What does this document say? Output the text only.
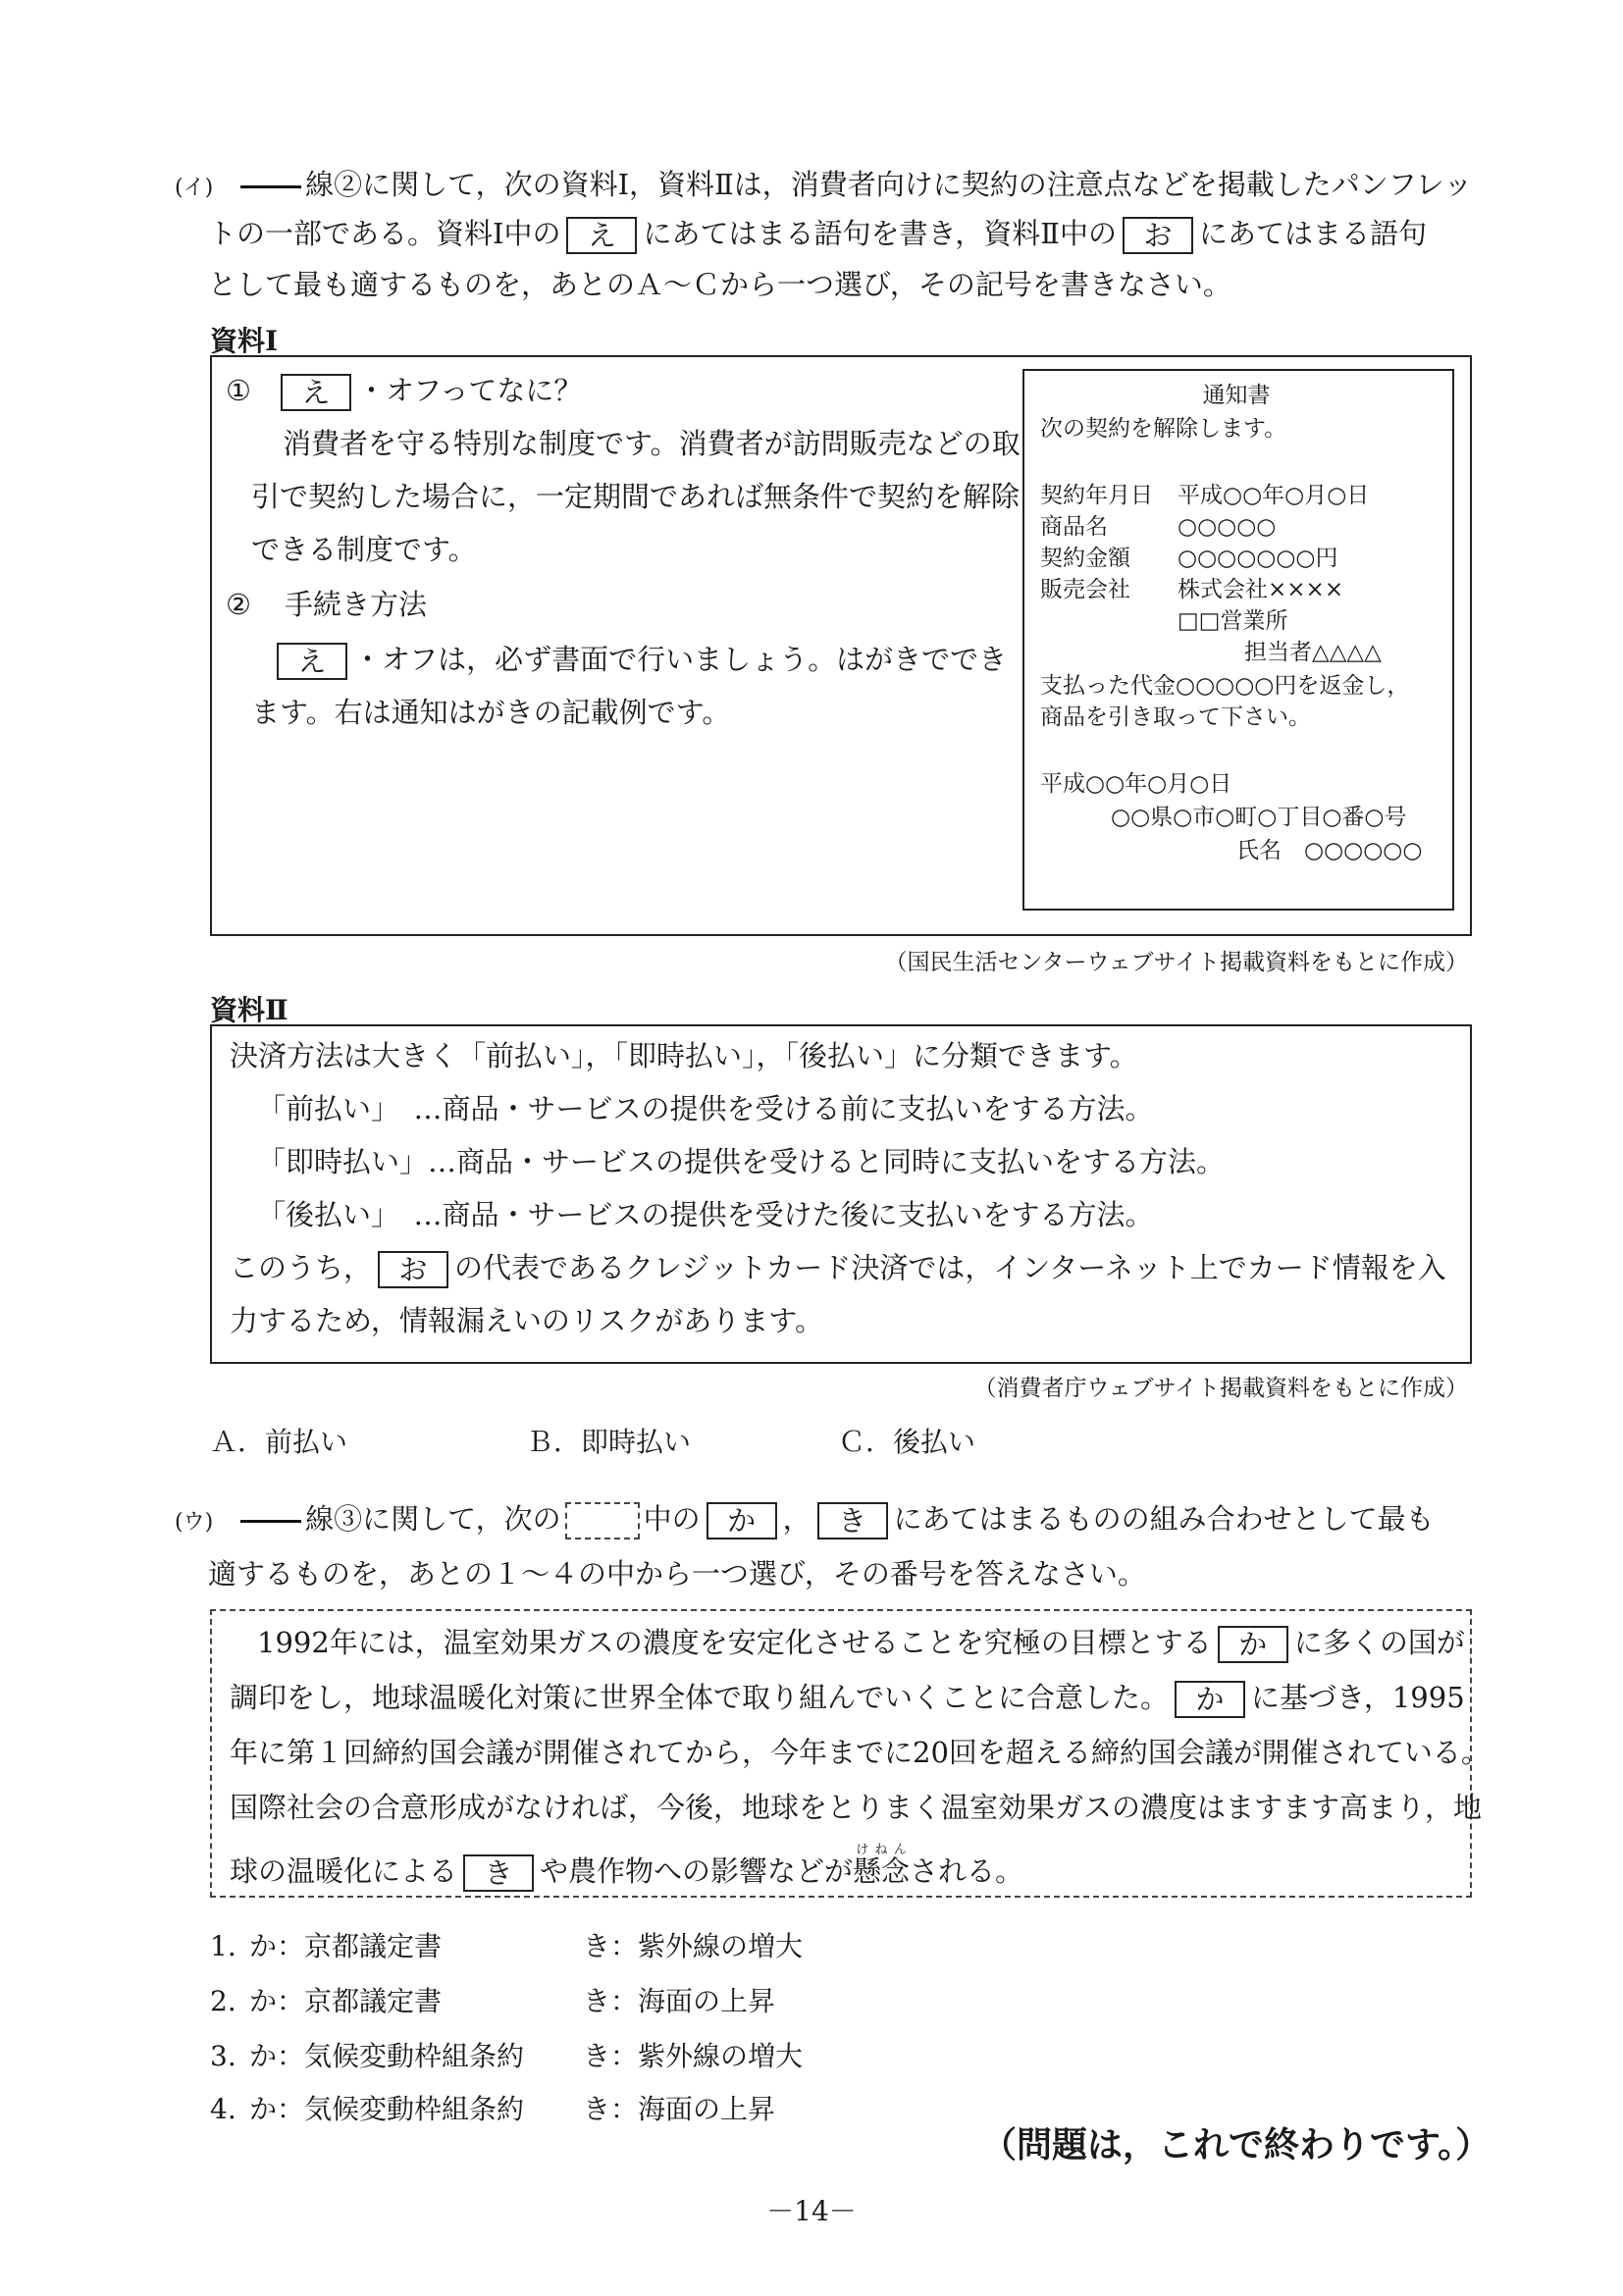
(イ)	線②に関して，次の資料Ⅰ，資料Ⅱは，消費者向けに契約の注意点などを掲載したパンフレッ
トの一部である。資料Ⅰ中の え にあてはまる語句を書き，資料Ⅱ中の お にあてはまる語句
として最も適するものを，あとのＡ～Ｃから一つ選び，その記号を書きなさい。
資料Ⅰ
① え ・オフってなに？
消費者を守る特別な制度です。消費者が訪問販売などの取
引で契約した場合に，一定期間であれば無条件で契約を解除
できる制度です。
② 手続き方法
え ・オフは，必ず書面で行いましょう。はがきででき
ます。右は通知はがきの記載例です。
通知書
次の契約を解除します。
契約年月日 平成○○年○月○日
商品名	○○○○○
契約金額 ○○○○○○○円
販売会社 株式会社××××
□□営業所
担当者△△△△
支払った代金○○○○○円を返金し，
商品を引き取って下さい。
平成○○年○月○日
○○県○市○町○丁目○番○号
氏名　○○○○○○
（国民生活センターウェブサイト掲載資料をもとに作成）
資料Ⅱ
決済方法は大きく「前払い」，「即時払い」，「後払い」に分類できます。
「前払い」　…商品・サービスの提供を受ける前に支払いをする方法。
「即時払い」…商品・サービスの提供を受けると同時に支払いをする方法。
「後払い」　…商品・サービスの提供を受けた後に支払いをする方法。
このうち， お の代表であるクレジットカード決済では，インターネット上でカード情報を入
力するため，情報漏えいのリスクがあります。
（消費者庁ウェブサイト掲載資料をもとに作成）
Ａ．前払い	Ｂ．即時払い	Ｃ．後払い
(ウ)	線③に関して，次の	中の か ， き にあてはまるものの組み合わせとして最も
適するものを，あとの１～４の中から一つ選び，その番号を答えなさい。
1992年には，温室効果ガスの濃度を安定化させることを究極の目標とする か に多くの国が
調印をし，地球温暖化対策に世界全体で取り組んでいくことに合意した。 か に基づき，1995
年に第１回締約国会議が開催されてから，今年までに20回を超える締約国会議が開催されている。
国際社会の合意形成がなければ，今後，地球をとりまく温室効果ガスの濃度はますます高まり，地
球の温暖化による き や農作物への影響などが懸念けねんされる。
1. か：京都議定書	き：紫外線の増大
2. か：京都議定書	き：海面の上昇
3. か：気候変動枠組条約 き：紫外線の増大
4. か：気候変動枠組条約 き：海面の上昇
（問題は，これで終わりです。）
－14－
